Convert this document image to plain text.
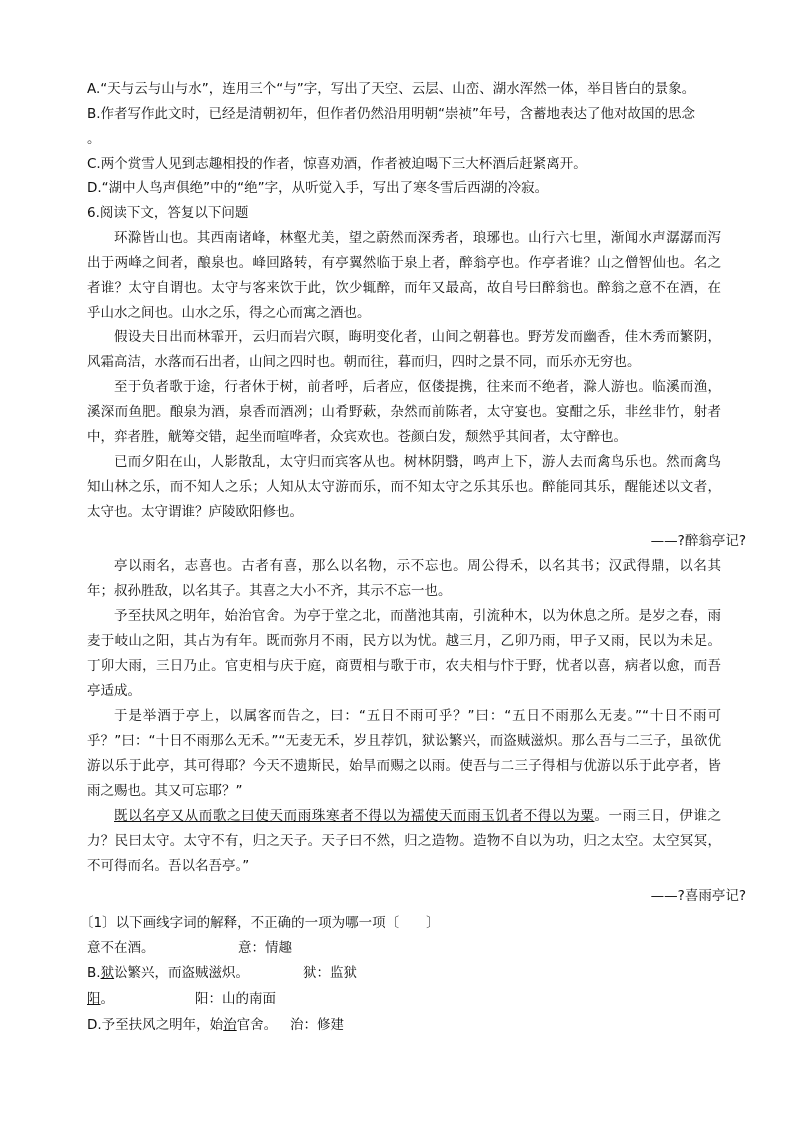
A.“天与云与山与水”，连用三个“与”字，写出了天空、云层、山峦、湖水浑然一体，举目皆白的景象。
B.作者写作此文时，已经是清朝初年，但作者仍然沿用明朝“崇祯”年号，含蓄地表达了他对故国的思念
。
C.两个赏雪人见到志趣相投的作者，惊喜劝酒，作者被迫喝下三大杯酒后赶紧离开。
D.“湖中人鸟声俱绝”中的“绝”字，从听觉入手，写出了寒冬雪后西湖的冷寂。
6.阅读下文，答复以下问题

环滁皆山也。其西南诸峰，林壑尤美，望之蔚然而深秀者，琅琊也。山行六七里，渐闻水声潺潺而泻出于两峰之间者，酿泉也。峰回路转，有亭翼然临于泉上者，醉翁亭也。作亭者谁？山之僧智仙也。名之者谁？太守自谓也。太守与客来饮于此，饮少辄醉，而年又最高，故自号曰醉翁也。醉翁之意不在酒，在乎山水之间也。山水之乐，得之心而寓之酒也。

假设夫日出而林霏开，云归而岩穴暝，晦明变化者，山间之朝暮也。野芳发而幽香，佳木秀而繁阴，风霜高洁，水落而石出者，山间之四时也。朝而往，暮而归，四时之景不同，而乐亦无穷也。

至于负者歌于途，行者休于树，前者呼，后者应，伛偻提携，往来而不绝者，滁人游也。临溪而渔，溪深而鱼肥。酿泉为酒，泉香而酒冽；山肴野蔌，杂然而前陈者，太守宴也。宴酣之乐，非丝非竹，射者中，弈者胜，觥筹交错，起坐而喧哗者，众宾欢也。苍颜白发，颓然乎其间者，太守醉也。

已而夕阳在山，人影散乱，太守归而宾客从也。树林阴翳，鸣声上下，游人去而禽鸟乐也。然而禽鸟知山林之乐，而不知人之乐；人知从太守游而乐，而不知太守之乐其乐也。醉能同其乐，醒能述以文者，太守也。太守谓谁？庐陵欧阳修也。

——?醉翁亭记?

亭以雨名，志喜也。古者有喜，那么以名物，示不忘也。周公得禾，以名其书；汉武得鼎，以名其年；叔孙胜敌，以名其子。其喜之大小不齐，其示不忘一也。

予至扶风之明年，始治官舍。为亭于堂之北，而凿池其南，引流种木，以为休息之所。是岁之春，雨麦于岐山之阳，其占为有年。既而弥月不雨，民方以为忧。越三月，乙卯乃雨，甲子又雨，民以为未足。丁卯大雨，三日乃止。官吏相与庆于庭，商贾相与歌于市，农夫相与忭于野，忧者以喜，病者以愈，而吾亭适成。

于是举酒于亭上，以属客而告之，曰：“五日不雨可乎？”曰：“五日不雨那么无麦。”“十日不雨可乎？”曰：“十日不雨那么无禾。”“无麦无禾，岁且荐饥，狱讼繁兴，而盗贼滋炽。那么吾与二三子，虽欲优游以乐于此亭，其可得耶？今天不遗斯民，始旱而赐之以雨。使吾与二三子得相与优游以乐于此亭者，皆雨之赐也。其又可忘耶？”

既以名亭又从而歌之曰使天而雨珠寒者不得以为襦使天而雨玉饥者不得以为粟。一雨三日，伊谁之力？民曰太守。太守不有，归之天子。天子曰不然，归之造物。造物不自以为功，归之太空。太空冥冥，不可得而名。吾以名吾亭。”

——?喜雨亭记?
〔1〕以下画线字词的解释，不正确的一项为哪一项〔　　〕
意不在酒。	意：情趣
B.狱讼繁兴，而盗贼滋炽。	狱：监狱
阳。	阳：山的南面
D.予至扶风之明年，始治官舍。 治：修建
